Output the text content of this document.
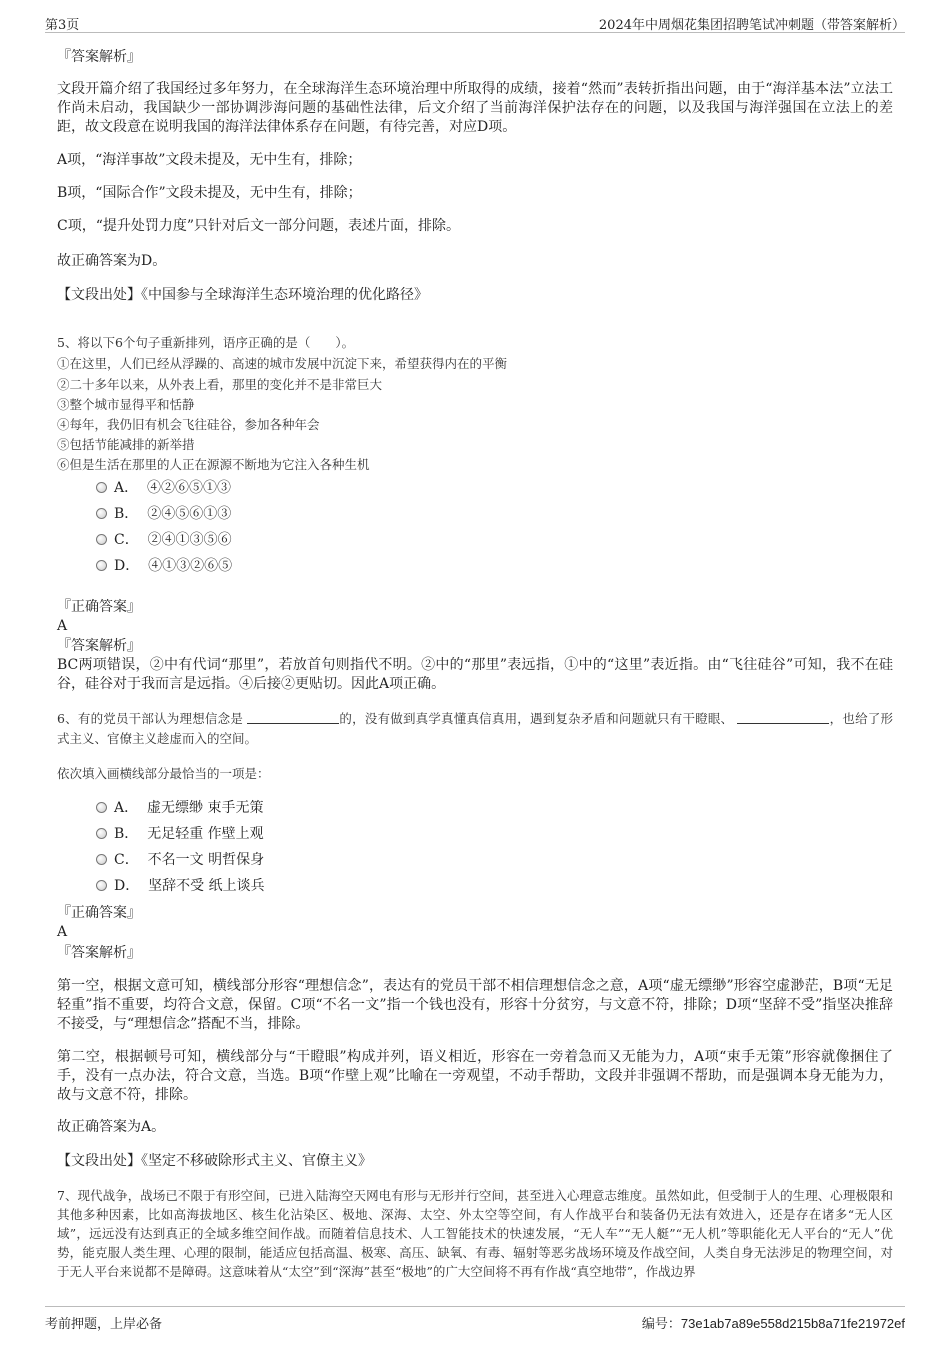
第3页	2024年中周烟花集团招聘笔试冲刺题（带答案解析）
『答案解析』
文段开篇介绍了我国经过多年努力，在全球海洋生态环境治理中所取得的成绩，接着“然而”表转折指出问题，由于“海洋基本法”立法工作尚未启动，我国缺少一部协调涉海问题的基础性法律，后文介绍了当前海洋保护法存在的问题，以及我国与海洋强国在立法上的差距，故文段意在说明我国的海洋法律体系存在问题，有待完善，对应D项。
A项，“海洋事故”文段未提及，无中生有，排除；
B项，“国际合作”文段未提及，无中生有，排除；
C项，“提升处罚力度”只针对后文一部分问题，表述片面，排除。
故正确答案为D。
【文段出处】《中国参与全球海洋生态环境治理的优化路径》
5、将以下6个句子重新排列，语序正确的是（　　）。
①在这里，人们已经从浮躁的、高速的城市发展中沉淀下来，希望获得内在的平衡
②二十多年以来，从外表上看，那里的变化并不是非常巨大
③整个城市显得平和恬静
④每年，我仍旧有机会飞往硅谷，参加各种年会
⑤包括节能减排的新举措
⑥但是生活在那里的人正在源源不断地为它注入各种生机
A． ④②⑥⑤①③
B． ②④⑤⑥①③
C． ②④①③⑤⑥
D． ④①③②⑥⑤
『正确答案』
A
『答案解析』
BC两项错误，②中有代词“那里”，若放首句则指代不明。②中的“那里”表远指，①中的“这里”表近指。由“飞往硅谷”可知，我不在硅谷，硅谷对于我而言是远指。④后接②更贴切。因此A项正确。
6、有的党员干部认为理想信念是	的，没有做到真学真懂真信真用，遇到复杂矛盾和问题就只有干瞪眼、	，也给了形式主义、官僚主义趁虚而入的空间。
依次填入画横线部分最恰当的一项是：
A． 虚无缥缈 束手无策
B． 无足轻重 作壁上观
C． 不名一文 明哲保身
D． 坚辞不受 纸上谈兵
『正确答案』
A
『答案解析』
第一空，根据文意可知，横线部分形容“理想信念”，表达有的党员干部不相信理想信念之意，A项“虚无缥缈”形容空虚渺茫，B项“无足轻重”指不重要，均符合文意，保留。C项“不名一文”指一个钱也没有，形容十分贫穷，与文意不符，排除；D项“坚辞不受”指坚决推辞不接受，与“理想信念”搭配不当，排除。
第二空，根据顿号可知，横线部分与“干瞪眼”构成并列，语义相近，形容在一旁着急而又无能为力，A项“束手无策”形容就像捆住了手，没有一点办法，符合文意，当选。B项“作壁上观”比喻在一旁观望，不动手帮助，文段并非强调不帮助，而是强调本身无能为力，故与文意不符，排除。
故正确答案为A。
【文段出处】《坚定不移破除形式主义、官僚主义》
7、现代战争，战场已不限于有形空间，已进入陆海空天网电有形与无形并行空间，甚至进入心理意志维度。虽然如此，但受制于人的生理、心理极限和其他多种因素，比如高海拔地区、核生化沾染区、极地、深海、太空、外太空等空间，有人作战平台和装备仍无法有效进入，还是存在诸多“无人区域”，远远没有达到真正的全域多维空间作战。而随着信息技术、人工智能技术的快速发展，“无人车”“无人艇”“无人机”等职能化无人平台的“无人”优势，能克服人类生理、心理的限制，能适应包括高温、极寒、高压、缺氧、有毒、辐射等恶劣战场环境及作战空间，人类自身无法涉足的物理空间，对于无人平台来说都不是障碍。这意味着从“太空”到“深海”甚至“极地”的广大空间将不再有作战“真空地带”，作战边界
考前押题，上岸必备	编号：73e1ab7a89e558d215b8a71fe21972ef
